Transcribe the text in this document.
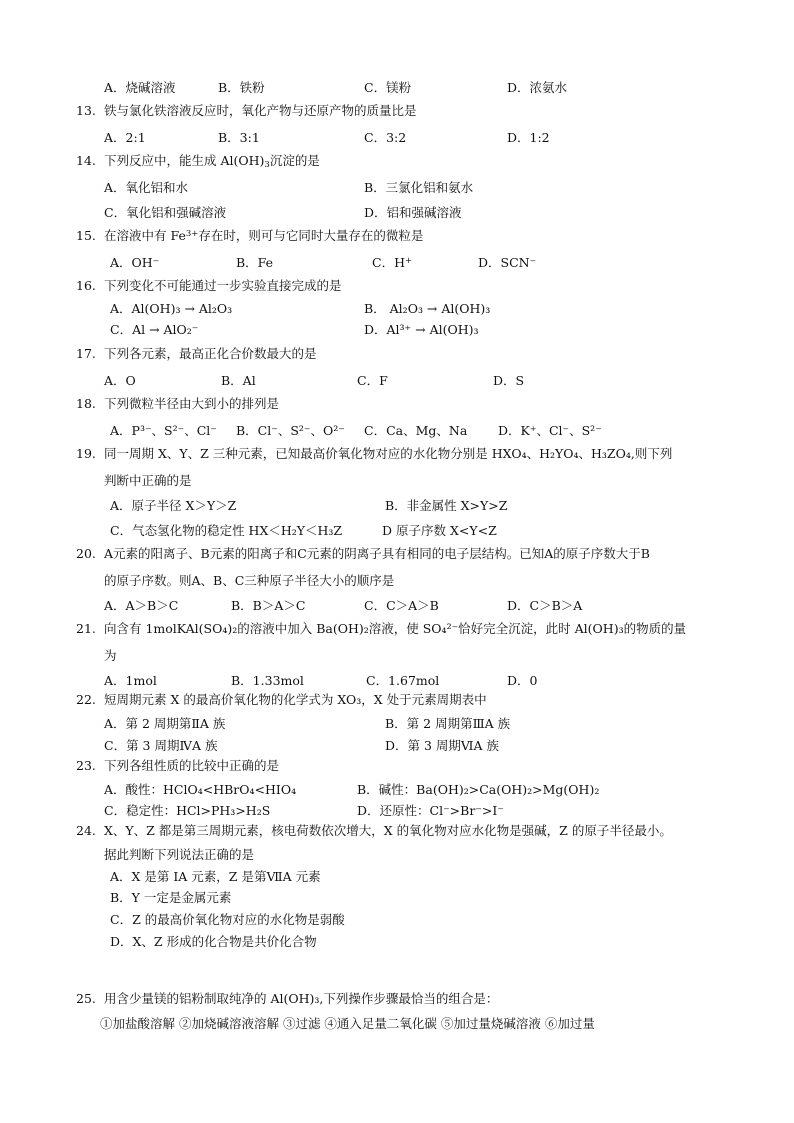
A．烧碱溶液	B．铁粉	C．镁粉	D．浓氨水
13. 铁与氯化铁溶液反应时，氧化产物与还原产物的质量比是
A．2:1	B．3:1	C．3:2	D．1:2
14. 下列反应中，能生成 $Al(OH)_3$沉淀的是
A．氧化铝和水	B．三氯化铝和氨水
C．氧化铝和强碱溶液	D．铝和强碱溶液
15. 在溶液中有 $Fe^{3+}$存在时，则可与它同时大量存在的微粒是
A．OH⁻	B．Fe	C．H+	D．SCN⁻
16. 下列变化不可能通过一步实验直接完成的是
A．Al(OH)₃ → Al₂O₃	B． Al₂O₃ → Al(OH)₃
C．Al → AlO₂⁻	D．Al³⁺ → Al(OH)₃
17. 下列各元素，最高正化合价数最大的是
A．O	B．Al	C．F	D．S
18. 下列微粒半径由大到小的排列是
A．P³⁻、S²⁻、Cl⁻ B．Cl⁻、S²⁻、O²⁻ C．Ca、Mg、Na D．K⁺、Cl⁻、S²⁻
19. 同一周期 X、Y、Z 三种元素，已知最高价氧化物对应的水化物分别是 HXO₄、H₂YO₄、H₃ZO₄,则下列
判断中正确的是
A．原子半径 X＞Y＞Z	B．非金属性 X>Y>Z
C．气态氢化物的稳定性 HX＜H₂Y＜H₃Z	D 原子序数 X<Y<Z
20. A元素的阳离子、B元素的阳离子和C元素的阴离子具有相同的电子层结构。已知A的原子序数大于B
的原子序数。则A、B、C三种原子半径大小的顺序是
A．A＞B＞C	B．B＞A＞C	C．C＞A＞B	D．C＞B＞A
21. 向含有 1molKAl(SO₄)₂的溶液中加入 Ba(OH)₂溶液，使 SO₄²⁻恰好完全沉淀，此时 Al(OH)₃的物质的量
为
A．1mol	B．1.33mol	C．1.67mol	D．0
22. 短周期元素 X 的最高价氧化物的化学式为 XO₃，X 处于元素周期表中
A．第 2 周期第ⅡA 族	B．第 2 周期第ⅢA 族
C．第 3 周期ⅣA 族	D．第 3 周期ⅥA 族
23. 下列各组性质的比较中正确的是
A．酸性：HClO₄<HBrO₄<HIO₄	B．碱性：Ba(OH)₂>Ca(OH)₂>Mg(OH)₂
C．稳定性：HCl>PH₃>H₂S	D．还原性：Cl⁻>Br⁻>I⁻
24. X、Y、Z 都是第三周期元素，核电荷数依次增大，X 的氧化物对应水化物是强碱，Z 的原子半径最小。
据此判断下列说法正确的是
A．X 是第 IA 元素，Z 是第ⅦA 元素
B．Y 一定是金属元素
C．Z 的最高价氧化物对应的水化物是弱酸
D．X、Z 形成的化合物是共价化合物
25. 用含少量镁的铝粉制取纯净的 Al(OH)₃,下列操作步骤最恰当的组合是：
①加盐酸溶解 ②加烧碱溶液溶解 ③过滤 ④通入足量二氧化碳 ⑤加过量烧碱溶液 ⑥加过量
